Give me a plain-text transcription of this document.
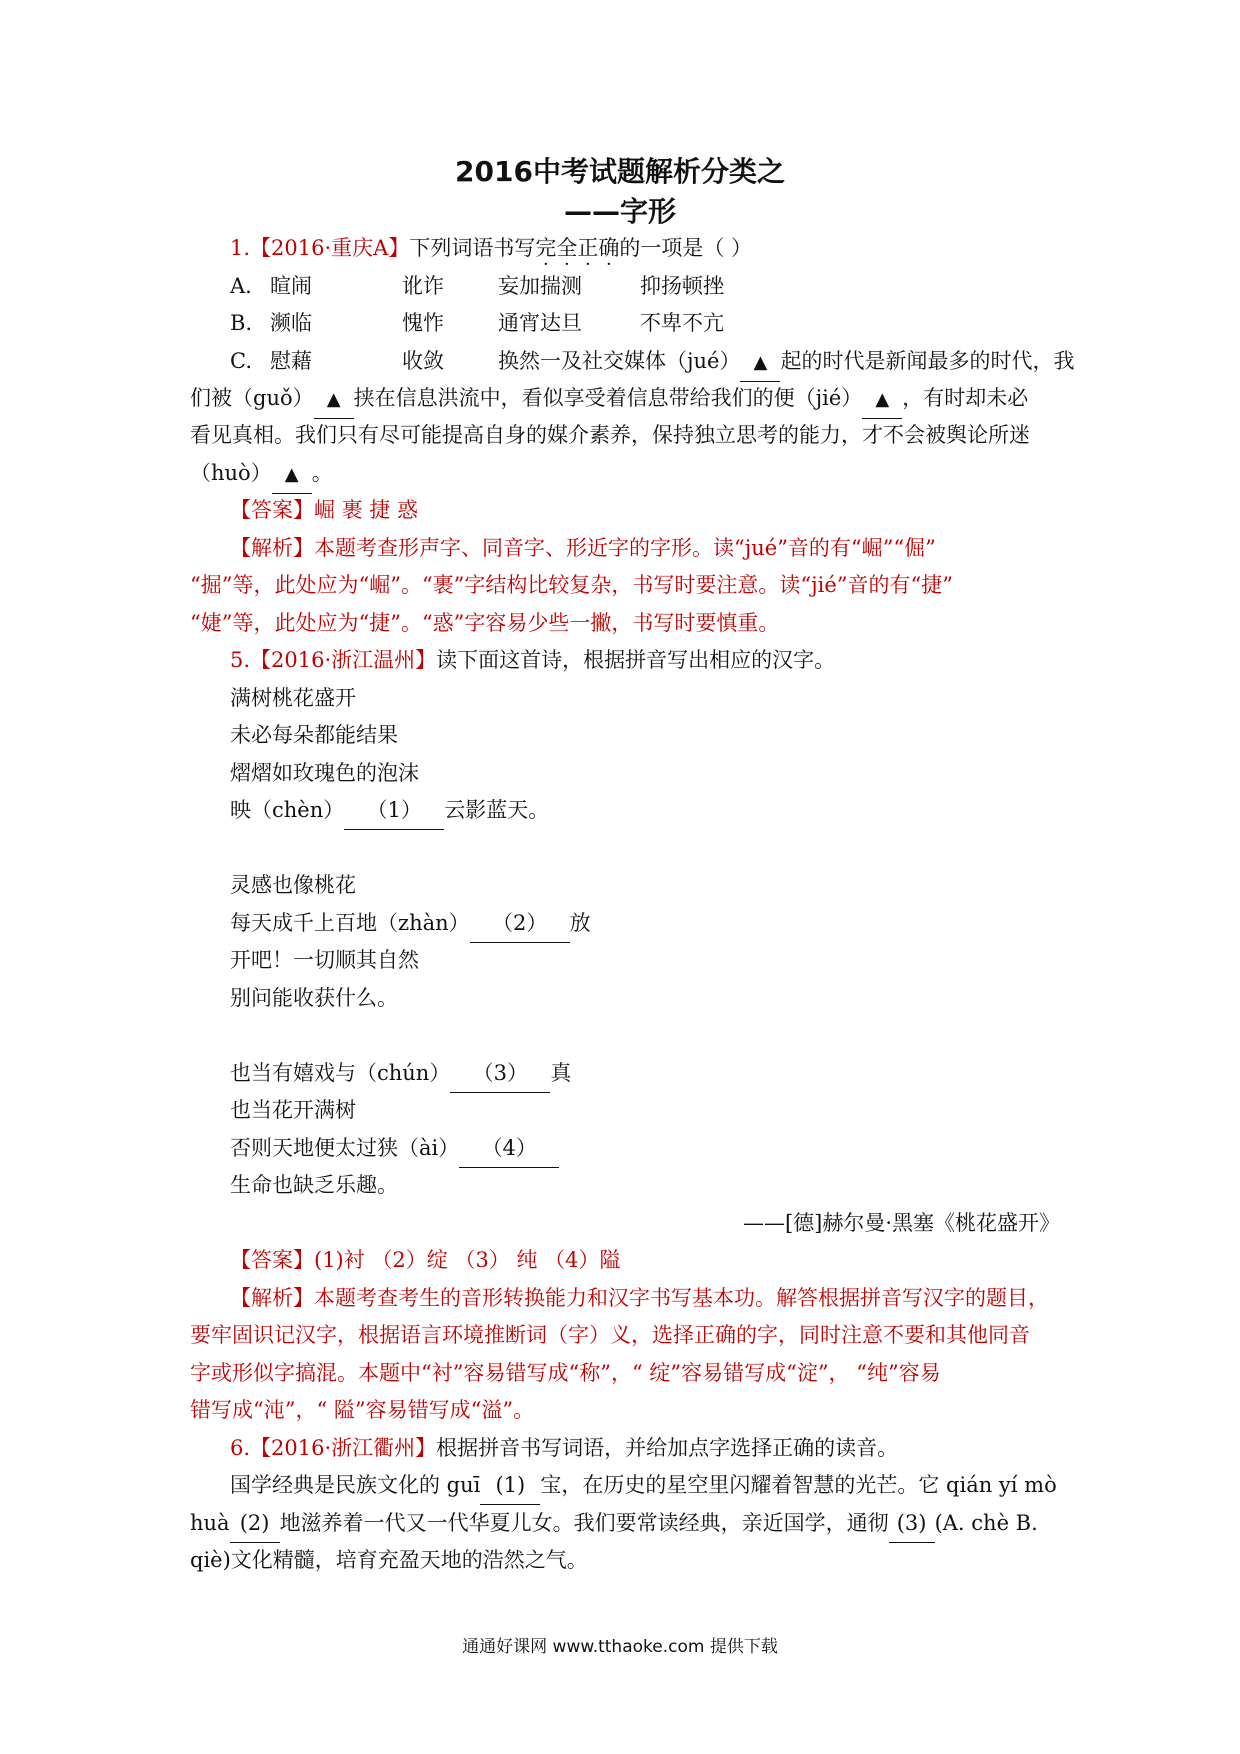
2016中考试题解析分类之
——字形
1.【2016·重庆A】下列词语书写完全正确的一项是（ ）
A. 暄闹	讹诈	妄加揣测	抑扬顿挫
B. 濒临	愧怍	通宵达旦	不卑不亢
C. 慰藉	收敛	换然一及社交媒体（jué） ▲ 起的时代是新闻最多的时代，我
们被（guǒ） ▲ 挟在信息洪流中，看似享受着信息带给我们的便（jié） ▲ ，有时却未必
看见真相。我们只有尽可能提高自身的媒介素养，保持独立思考的能力，才不会被舆论所迷
（huò） ▲ 。
【答案】崛 裹 捷 惑
【解析】本题考查形声字、同音字、形近字的字形。读“jué”音的有“崛”“倔”
“掘”等，此处应为“崛”。“裹”字结构比较复杂，书写时要注意。读“jié”音的有“捷”
“婕”等，此处应为“捷”。“惑”字容易少些一撇，书写时要慎重。
5.【2016·浙江温州】读下面这首诗，根据拼音写出相应的汉字。
满树桃花盛开
未必每朵都能结果
熠熠如玫瑰色的泡沫
映（chèn） （1） 云影蓝天。
灵感也像桃花
每天成千上百地（zhàn） （2） 放
开吧！一切顺其自然
别问能收获什么。
也当有嬉戏与（chún） （3） 真
也当花开满树
否则天地便太过狭（ài） （4）
生命也缺乏乐趣。
——[德]赫尔曼·黑塞《桃花盛开》
【答案】(1)衬 （2）绽 （3） 纯 （4）隘
【解析】本题考查考生的音形转换能力和汉字书写基本功。解答根据拼音写汉字的题目，
要牢固识记汉字，根据语言环境推断词（字）义，选择正确的字，同时注意不要和其他同音
字或形似字搞混。本题中“衬”容易错写成“称”，“ 绽”容易错写成“淀”， “纯”容易
错写成“沌”，“ 隘”容易错写成“溢”。
6.【2016·浙江衢州】根据拼音书写词语，并给加点字选择正确的读音。
国学经典是民族文化的 guī (1) 宝，在历史的星空里闪耀着智慧的光芒。它 qián yí mò
huà (2) 地滋养着一代又一代华夏儿女。我们要常读经典，亲近国学，通彻 (3) (A. chè B.
qiè)文化精髓，培育充盈天地的浩然之气。
通通好课网 www.tthaoke.com 提供下载
